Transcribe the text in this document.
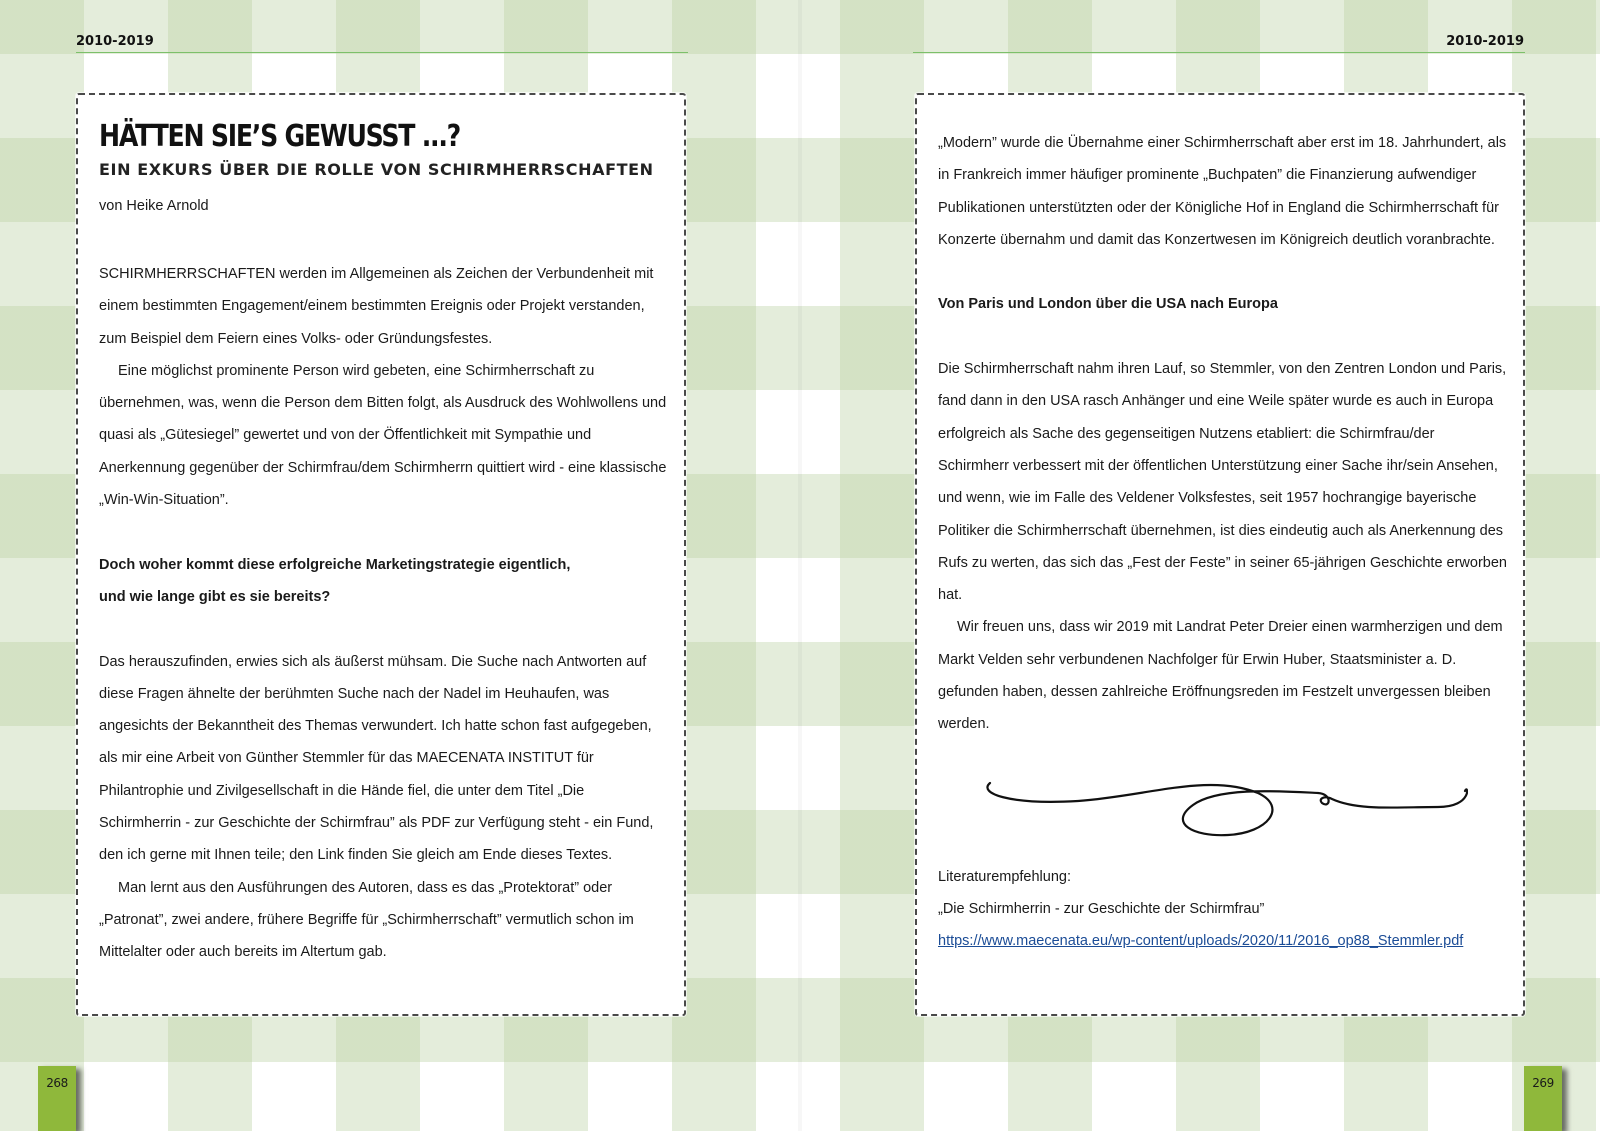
2010-2019	2010-2019
HÄTTEN SIE’S GEWUSST ...?
EIN EXKURS ÜBER DIE ROLLE VON SCHIRMHERRSCHAFTEN
von Heike Arnold

SCHIRMHERRSCHAFTEN werden im Allgemeinen als Zeichen der Verbundenheit mit einem bestimmten Engagement/einem bestimmten Ereignis oder Projekt verstanden, zum Beispiel dem Feiern eines Volks- oder Gründungsfestes.

Eine möglichst prominente Person wird gebeten, eine Schirmherrschaft zu übernehmen, was, wenn die Person dem Bitten folgt, als Ausdruck des Wohlwollens und quasi als „Gütesiegel” gewertet und von der Öffentlichkeit mit Sympathie und Anerkennung gegenüber der Schirmfrau/dem Schirmherrn quittiert wird - eine klassische „Win-Win-Situation”.

Doch woher kommt diese erfolgreiche Marketingstrategie eigentlich,

und wie lange gibt es sie bereits?

Das herauszufinden, erwies sich als äußerst mühsam. Die Suche nach Antworten auf diese Fragen ähnelte der berühmten Suche nach der Nadel im Heuhaufen, was angesichts der Bekanntheit des Themas verwundert. Ich hatte schon fast aufgegeben, als mir eine Arbeit von Günther Stemmler für das MAECENATA INSTITUT für Philantrophie und Zivilgesellschaft in die Hände fiel, die unter dem Titel „Die Schirmherrin - zur Geschichte der Schirmfrau” als PDF zur Verfügung steht - ein Fund, den ich gerne mit Ihnen teile; den Link finden Sie gleich am Ende dieses Textes.

Man lernt aus den Ausführungen des Autoren, dass es das „Protektorat” oder „Patronat”, zwei andere, frühere Begriffe für „Schirmherrschaft” vermutlich schon im Mittelalter oder auch bereits im Altertum gab.

„Modern” wurde die Übernahme einer Schirmherrschaft aber erst im 18. Jahrhundert, als in Frankreich immer häufiger prominente „Buchpaten” die Finanzierung aufwendiger Publikationen unterstützten oder der Königliche Hof in England die Schirmherrschaft für Konzerte übernahm und damit das Konzertwesen im Königreich deutlich voranbrachte.

Von Paris und London über die USA nach Europa

Die Schirmherrschaft nahm ihren Lauf, so Stemmler, von den Zentren London und Paris, fand dann in den USA rasch Anhänger und eine Weile später wurde es auch in Europa erfolgreich als Sache des gegenseitigen Nutzens etabliert: die Schirmfrau/der Schirmherr verbessert mit der öffentlichen Unterstützung einer Sache ihr/sein Ansehen, und wenn, wie im Falle des Veldener Volksfestes, seit 1957 hochrangige bayerische Politiker die Schirmherrschaft übernehmen, ist dies eindeutig auch als Anerkennung des Rufs zu werten, das sich das „Fest der Feste” in seiner 65-jährigen Geschichte erworben hat.

Wir freuen uns, dass wir 2019 mit Landrat Peter Dreier einen warmherzigen und dem Markt Velden sehr verbundenen Nachfolger für Erwin Huber, Staatsminister a. D. gefunden haben, dessen zahlreiche Eröffnungsreden im Festzelt unvergessen bleiben werden.

Literaturempfehlung:

„Die Schirmherrin - zur Geschichte der Schirmfrau”

https://www.maecenata.eu/wp-content/uploads/2020/11/2016_op88_Stemmler.pdf

268	269
